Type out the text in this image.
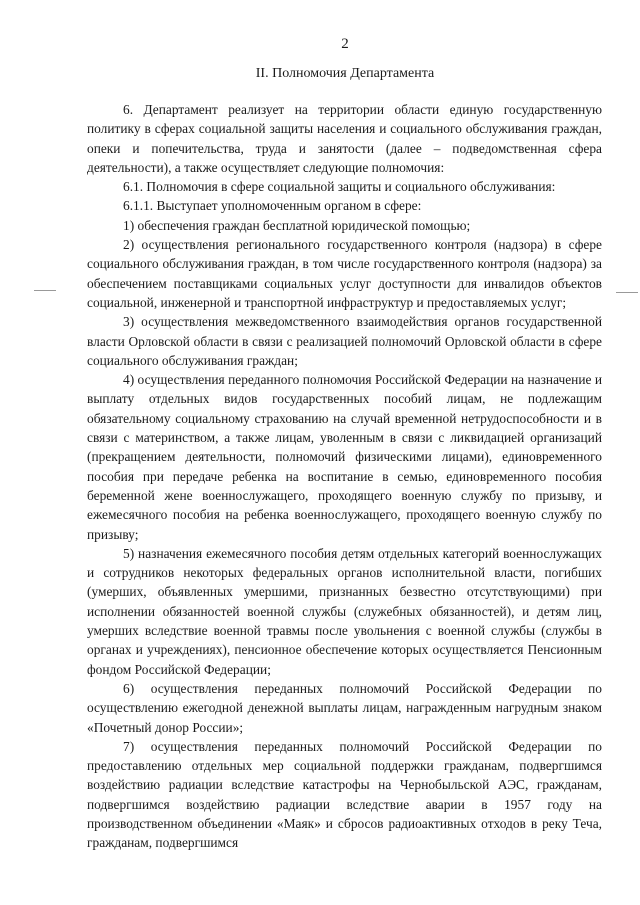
2
II. Полномочия Департамента

6. Департамент реализует на территории области единую государственную политику в сферах социальной защиты населения и социального обслуживания граждан, опеки и попечительства, труда и занятости (далее – подведомственная сфера деятельности), а также осуществляет следующие полномочия:

6.1. Полномочия в сфере социальной защиты и социального обслуживания:

6.1.1. Выступает уполномоченным органом в сфере:

1) обеспечения граждан бесплатной юридической помощью;

2) осуществления регионального государственного контроля (надзора) в сфере социального обслуживания граждан, в том числе государственного контроля (надзора) за обеспечением поставщиками социальных услуг доступности для инвалидов объектов социальной, инженерной и транспортной инфраструктур и предоставляемых услуг;

3) осуществления межведомственного взаимодействия органов государственной власти Орловской области в связи с реализацией полномочий Орловской области в сфере социального обслуживания граждан;

4) осуществления переданного полномочия Российской Федерации на назначение и выплату отдельных видов государственных пособий лицам, не подлежащим обязательному социальному страхованию на случай временной нетрудоспособности и в связи с материнством, а также лицам, уволенным в связи с ликвидацией организаций (прекращением деятельности, полномочий физическими лицами), единовременного пособия при передаче ребенка на воспитание в семью, единовременного пособия беременной жене военнослужащего, проходящего военную службу по призыву, и ежемесячного пособия на ребенка военнослужащего, проходящего военную службу по призыву;

5) назначения ежемесячного пособия детям отдельных категорий военнослужащих и сотрудников некоторых федеральных органов исполнительной власти, погибших (умерших, объявленных умершими, признанных безвестно отсутствующими) при исполнении обязанностей военной службы (служебных обязанностей), и детям лиц, умерших вследствие военной травмы после увольнения с военной службы (службы в органах и учреждениях), пенсионное обеспечение которых осуществляется Пенсионным фондом Российской Федерации;

6) осуществления переданных полномочий Российской Федерации по осуществлению ежегодной денежной выплаты лицам, награжденным нагрудным знаком «Почетный донор России»;

7) осуществления переданных полномочий Российской Федерации по предоставлению отдельных мер социальной поддержки гражданам, подвергшимся воздействию радиации вследствие катастрофы на Чернобыльской АЭС, гражданам, подвергшимся воздействию радиации вследствие аварии в 1957 году на производственном объединении «Маяк» и сбросов радиоактивных отходов в реку Теча, гражданам, подвергшимся
